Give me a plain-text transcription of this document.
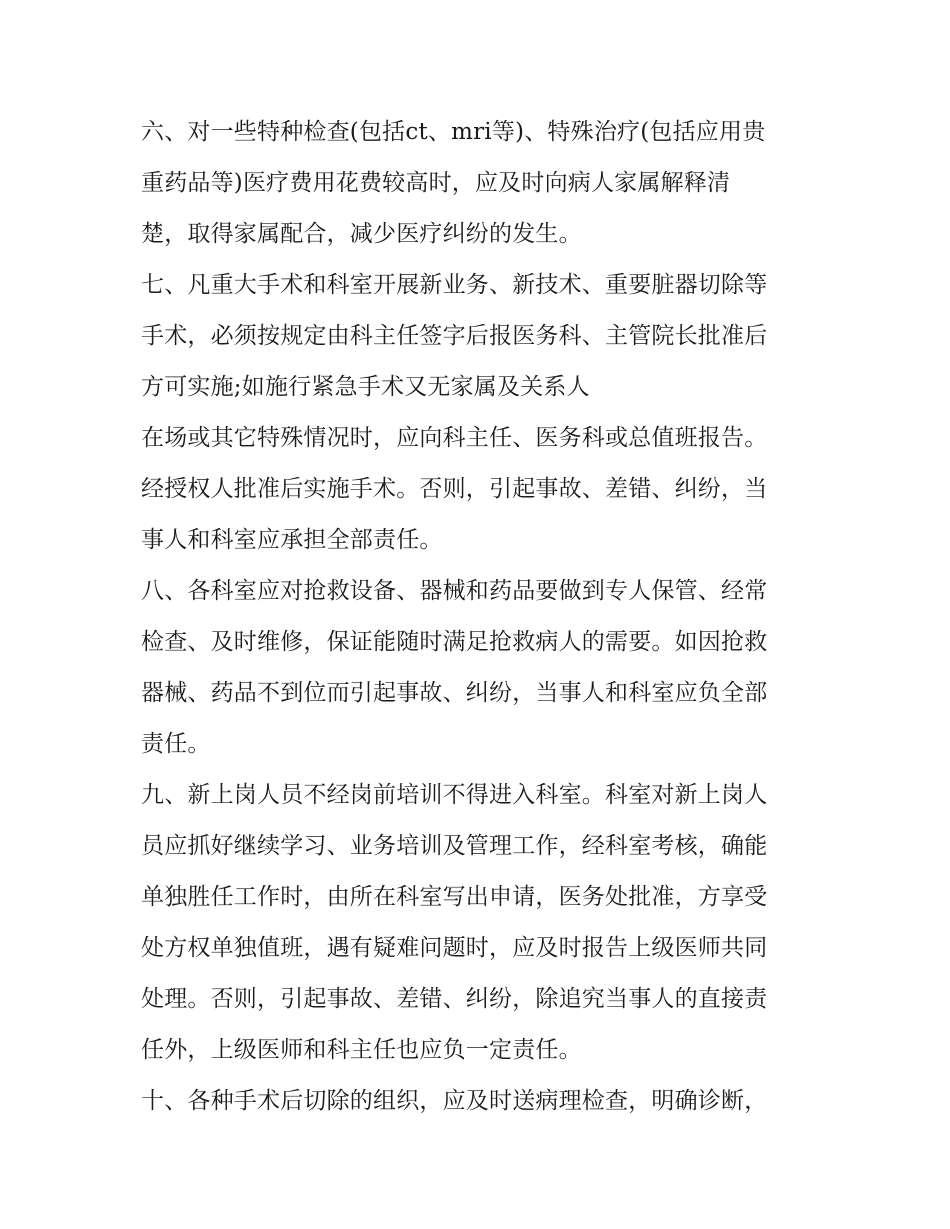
六、对一些特种检查(包括ct、mri等)、特殊治疗(包括应用贵
重药品等)医疗费用花费较高时，应及时向病人家属解释清
楚，取得家属配合，减少医疗纠纷的发生。
七、凡重大手术和科室开展新业务、新技术、重要脏器切除等
手术，必须按规定由科主任签字后报医务科、主管院长批准后
方可实施;如施行紧急手术又无家属及关系人
在场或其它特殊情况时，应向科主任、医务科或总值班报告。
经授权人批准后实施手术。否则，引起事故、差错、纠纷，当
事人和科室应承担全部责任。
八、各科室应对抢救设备、器械和药品要做到专人保管、经常
检查、及时维修，保证能随时满足抢救病人的需要。如因抢救
器械、药品不到位而引起事故、纠纷，当事人和科室应负全部
责任。
九、新上岗人员不经岗前培训不得进入科室。科室对新上岗人
员应抓好继续学习、业务培训及管理工作，经科室考核，确能
单独胜任工作时，由所在科室写出申请，医务处批准，方享受
处方权单独值班，遇有疑难问题时，应及时报告上级医师共同
处理。否则，引起事故、差错、纠纷，除追究当事人的直接责
任外，上级医师和科主任也应负一定责任。
十、各种手术后切除的组织，应及时送病理检查，明确诊断，
